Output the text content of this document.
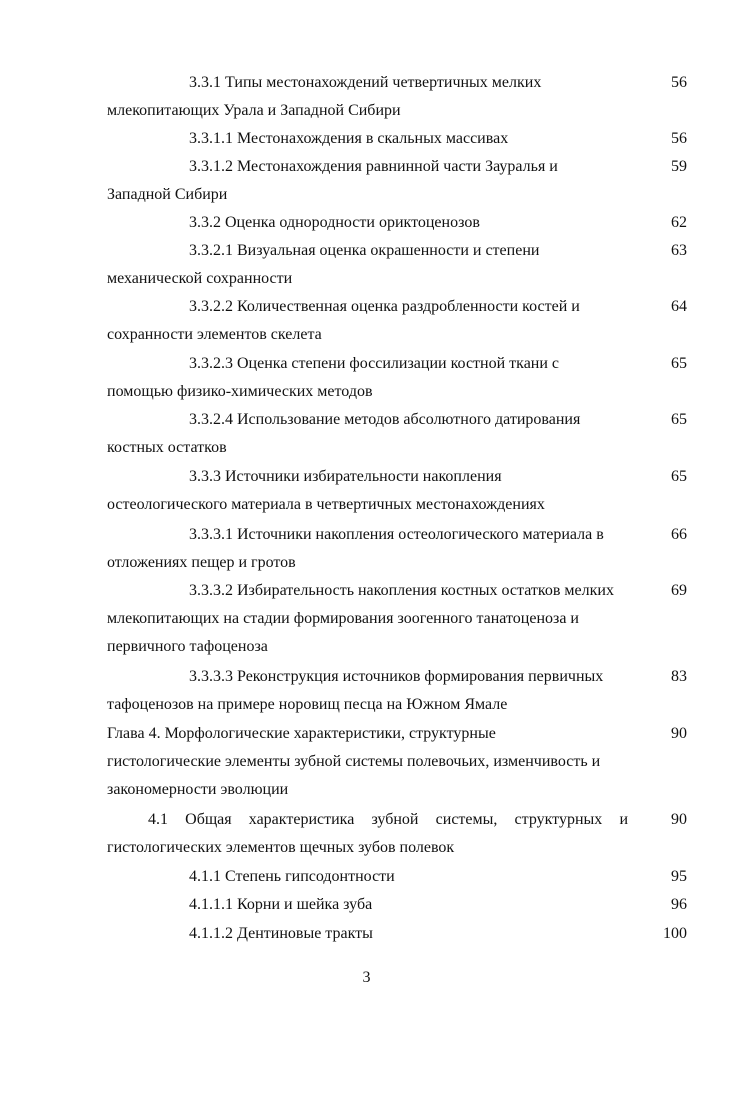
3.3.1 Типы местонахождений четвертичных мелких	56
млекопитающих Урала и Западной Сибири
3.3.1.1 Местонахождения в скальных массивах	56
3.3.1.2 Местонахождения равнинной части Зауралья и	59
Западной Сибири
3.3.2 Оценка однородности ориктоценозов	62
3.3.2.1 Визуальная оценка окрашенности и степени	63
механической сохранности
3.3.2.2 Количественная оценка раздробленности костей и	64
сохранности элементов скелета
3.3.2.3 Оценка степени фоссилизации костной ткани с	65
помощью физико-химических методов
3.3.2.4 Использование методов абсолютного датирования	65
костных остатков
3.3.3 Источники избирательности накопления	65
остеологического материала в четвертичных местонахождениях
3.3.3.1 Источники накопления остеологического материала в	66
отложениях пещер и гротов
3.3.3.2 Избирательность накопления костных остатков мелких	69
млекопитающих на стадии формирования зоогенного танатоценоза и
первичного тафоценоза
3.3.3.3 Реконструкция источников формирования первичных	83
тафоценозов на примере норовищ песца на Южном Ямале
Глава 4. Морфологические характеристики, структурные	90
гистологические элементы зубной системы полевочьих, изменчивость и
закономерности эволюции
4.1 Общая характеристика зубной системы, структурных и	90
гистологических элементов щечных зубов полевок
4.1.1 Степень гипсодонтности	95
4.1.1.1 Корни и шейка зуба	96
4.1.1.2 Дентиновые тракты	100
3
